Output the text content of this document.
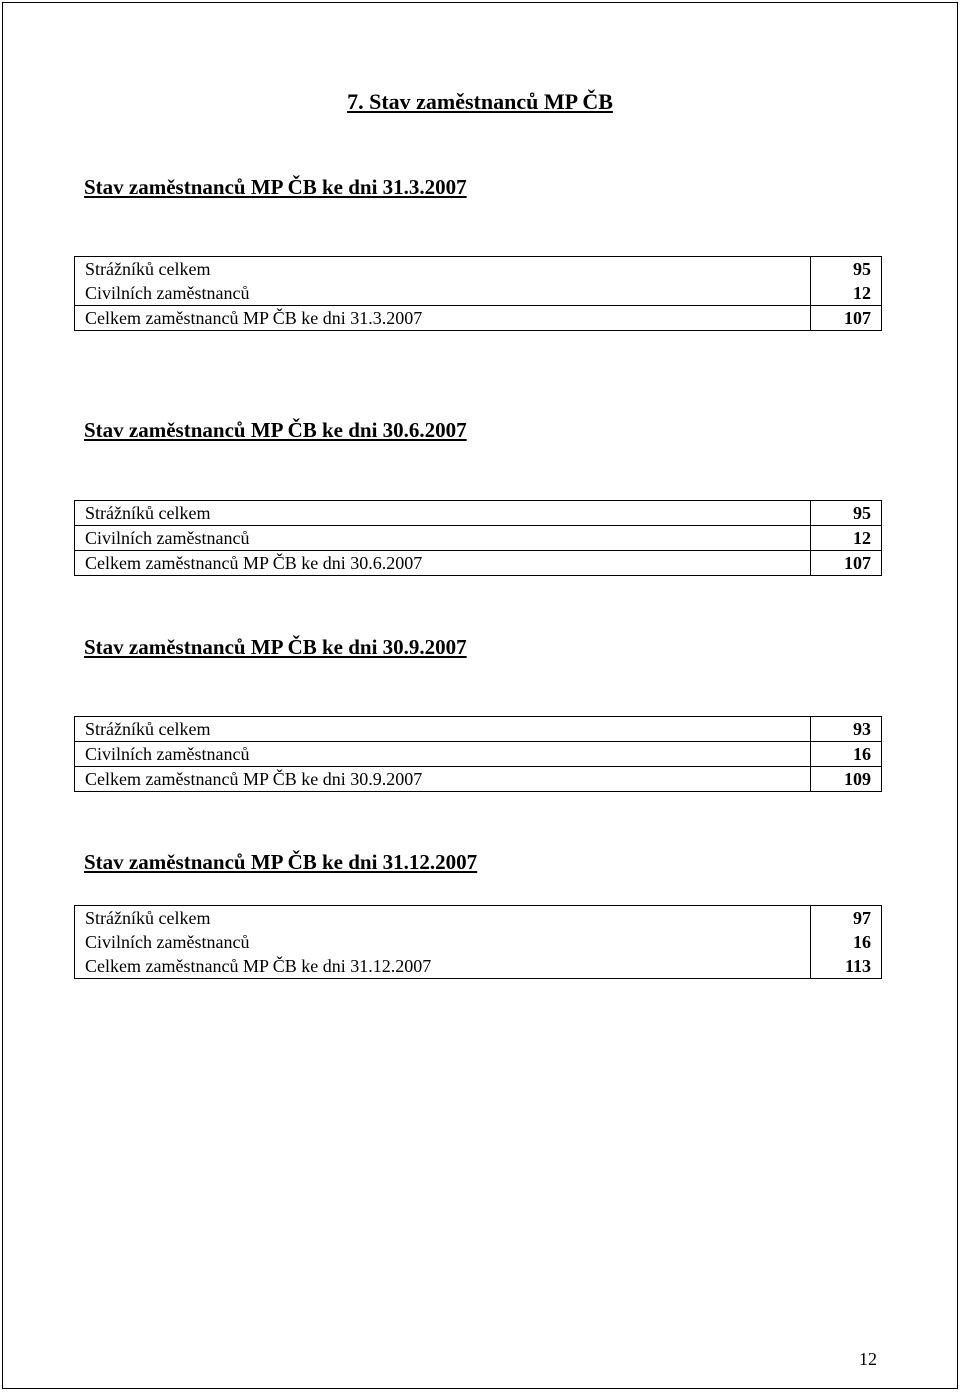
7. Stav zaměstnanců MP ČB
Stav zaměstnanců MP ČB ke dni 31.3.2007
Strážníků celkem	95
Civilních zaměstnanců	12
Celkem zaměstnanců MP ČB ke dni 31.3.2007	107
Stav zaměstnanců MP ČB ke dni 30.6.2007
Strážníků celkem	95
Civilních zaměstnanců	12
Celkem zaměstnanců MP ČB ke dni 30.6.2007	107
Stav zaměstnanců MP ČB ke dni 30.9.2007
Strážníků celkem	93
Civilních zaměstnanců	16
Celkem zaměstnanců MP ČB ke dni 30.9.2007	109
Stav zaměstnanců MP ČB ke dni 31.12.2007
Strážníků celkem	97
Civilních zaměstnanců	16
Celkem zaměstnanců MP ČB ke dni 31.12.2007	113
12
